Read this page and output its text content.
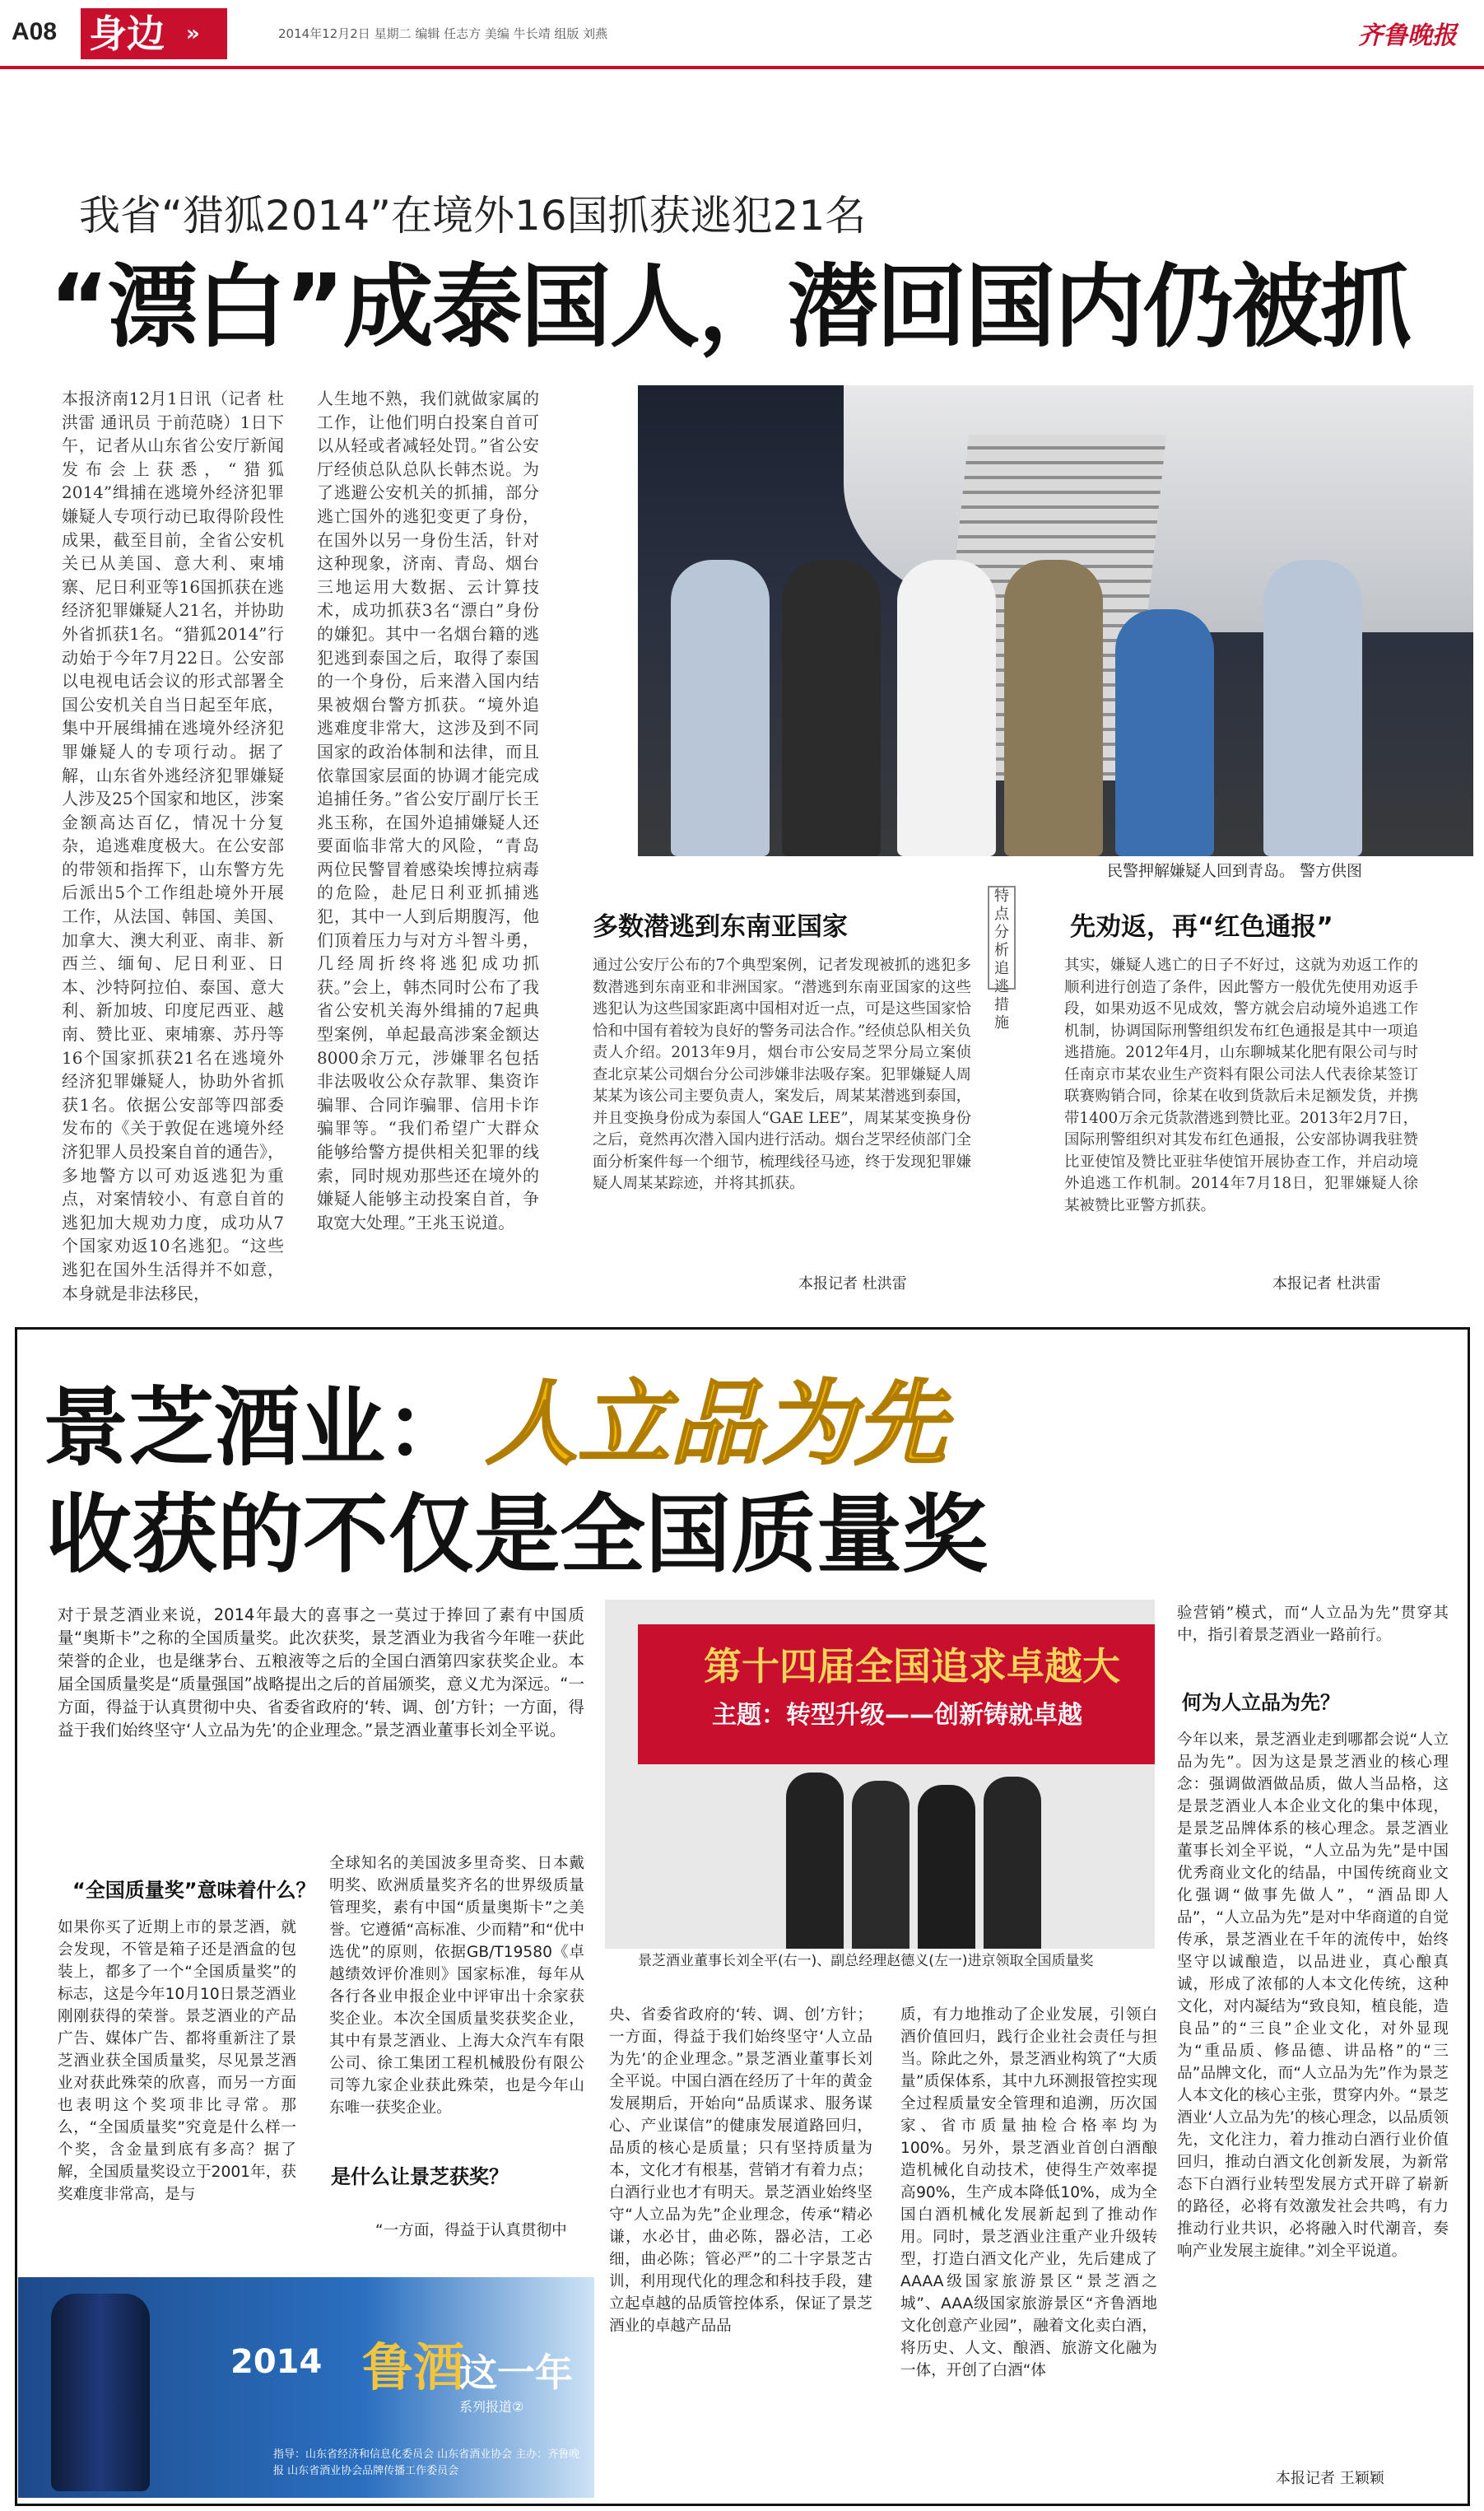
A08 身边	»	2014年12月2日 星期二 编辑 任志方 美编 牛长靖 组版 刘燕	齐鲁晚报
我省“猎狐2014”在境外16国抓获逃犯21名
“漂白”成泰国人，潜回国内仍被抓
本报济南12月1日讯（记者 杜洪雷 通讯员 于前范晓）1日下午，记者从山东省公安厅新闻发布会上获悉，“猎狐2014”缉捕在逃境外经济犯罪嫌疑人专项行动已取得阶段性成果，截至目前，全省公安机关已从美国、意大利、柬埔寨、尼日利亚等16国抓获在逃经济犯罪嫌疑人21名，并协助外省抓获1名。“猎狐2014”行动始于今年7月22日。公安部以电视电话会议的形式部署全国公安机关自当日起至年底，集中开展缉捕在逃境外经济犯罪嫌疑人的专项行动。据了解，山东省外逃经济犯罪嫌疑人涉及25个国家和地区，涉案金额高达百亿，情况十分复杂，追逃难度极大。在公安部的带领和指挥下，山东警方先后派出5个工作组赴境外开展工作，从法国、韩国、美国、加拿大、澳大利亚、南非、新西兰、缅甸、尼日利亚、日本、沙特阿拉伯、泰国、意大利、新加坡、印度尼西亚、越南、赞比亚、柬埔寨、苏丹等16个国家抓获21名在逃境外经济犯罪嫌疑人，协助外省抓获1名。依据公安部等四部委发布的《关于敦促在逃境外经济犯罪人员投案自首的通告》，多地警方以可劝返逃犯为重点，对案情较小、有意自首的逃犯加大规劝力度，成功从7个国家劝返10名逃犯。“这些逃犯在国外生活得并不如意，本身就是非法移民，
人生地不熟，我们就做家属的工作，让他们明白投案自首可以从轻或者减轻处罚。”省公安厅经侦总队总队长韩杰说。为了逃避公安机关的抓捕，部分逃亡国外的逃犯变更了身份，在国外以另一身份生活，针对这种现象，济南、青岛、烟台三地运用大数据、云计算技术，成功抓获3名“漂白”身份的嫌犯。其中一名烟台籍的逃犯逃到泰国之后，取得了泰国的一个身份，后来潜入国内结果被烟台警方抓获。“境外追逃难度非常大，这涉及到不同国家的政治体制和法律，而且依靠国家层面的协调才能完成追捕任务。”省公安厅副厅长王兆玉称，在国外追捕嫌疑人还要面临非常大的风险，“青岛两位民警冒着感染埃博拉病毒的危险，赴尼日利亚抓捕逃犯，其中一人到后期腹泻，他们顶着压力与对方斗智斗勇，几经周折终将逃犯成功抓获。”会上，韩杰同时公布了我省公安机关海外缉捕的7起典型案例，单起最高涉案金额达8000余万元，涉嫌罪名包括非法吸收公众存款罪、集资诈骗罪、合同诈骗罪、信用卡诈骗罪等。“我们希望广大群众能够给警方提供相关犯罪的线索，同时规劝那些还在境外的嫌疑人能够主动投案自首，争取宽大处理。”王兆玉说道。
民警押解嫌疑人回到青岛。 警方供图
多数潜逃到东南亚国家
特点分析 追逃措施
先劝返，再“红色通报”
通过公安厅公布的7个典型案例，记者发现被抓的逃犯多数潜逃到东南亚和非洲国家。“潜逃到东南亚国家的这些逃犯认为这些国家距离中国相对近一点，可是这些国家恰恰和中国有着较为良好的警务司法合作。”经侦总队相关负责人介绍。2013年9月，烟台市公安局芝罘分局立案侦查北京某公司烟台分公司涉嫌非法吸存案。犯罪嫌疑人周某某为该公司主要负责人，案发后，周某某潜逃到泰国，并且变换身份成为泰国人“GAE LEE”，周某某变换身份之后，竟然再次潜入国内进行活动。烟台芝罘经侦部门全面分析案件每一个细节，梳理线径马迹，终于发现犯罪嫌疑人周某某踪迹，并将其抓获。
本报记者 杜洪雷
其实，嫌疑人逃亡的日子不好过，这就为劝返工作的顺利进行创造了条件，因此警方一般优先使用劝返手段，如果劝返不见成效，警方就会启动境外追逃工作机制，协调国际刑警组织发布红色通报是其中一项追逃措施。2012年4月，山东聊城某化肥有限公司与时任南京市某农业生产资料有限公司法人代表徐某签订联赛购销合同，徐某在收到货款后未足额发货，并携带1400万余元货款潜逃到赞比亚。2013年2月7日，国际刑警组织对其发布红色通报，公安部协调我驻赞比亚使馆及赞比亚驻华使馆开展协查工作，并启动境外追逃工作机制。2014年7月18日，犯罪嫌疑人徐某被赞比亚警方抓获。
本报记者 杜洪雷
景芝酒业： 人立品为先
收获的不仅是全国质量奖
对于景芝酒业来说，2014年最大的喜事之一莫过于捧回了素有中国质量“奥斯卡”之称的全国质量奖。此次获奖，景芝酒业为我省今年唯一获此荣誉的企业，也是继茅台、五粮液等之后的全国白酒第四家获奖企业。本届全国质量奖是“质量强国”战略提出之后的首届颁奖，意义尤为深远。“一方面，得益于认真贯彻中央、省委省政府的‘转、调、创’方针；一方面，得益于我们始终坚守‘人立品为先’的企业理念。”景芝酒业董事长刘全平说。
“全国质量奖”意味着什么？
如果你买了近期上市的景芝酒，就会发现，不管是箱子还是酒盒的包装上，都多了一个“全国质量奖”的标志，这是今年10月10日景芝酒业刚刚获得的荣誉。景芝酒业的产品广告、媒体广告、都将重新注了景芝酒业获全国质量奖，尽见景芝酒业对获此殊荣的欣喜，而另一方面也表明这个奖项非比寻常。那么，“全国质量奖”究竟是什么样一个奖，含金量到底有多高？据了解，全国质量奖设立于2001年，获奖难度非常高，是与
全球知名的美国波多里奇奖、日本戴明奖、欧洲质量奖齐名的世界级质量管理奖，素有中国“质量奥斯卡”之美誉。它遵循“高标准、少而精”和“优中选优”的原则，依据GB/T19580《卓越绩效评价准则》国家标准，每年从各行各业申报企业中评审出十余家获奖企业。本次全国质量奖获奖企业，其中有景芝酒业、上海大众汽车有限公司、徐工集团工程机械股份有限公司等九家企业获此殊荣，也是今年山东唯一获奖企业。
是什么让景芝获奖？
“一方面，得益于认真贯彻中
第十四届全国追求卓越大
主题：转型升级——创新铸就卓越
景芝酒业董事长刘全平(右一)、副总经理赵德义(左一)进京领取全国质量奖
央、省委省政府的‘转、调、创’方针；一方面，得益于我们始终坚守‘人立品为先’的企业理念。”景芝酒业董事长刘全平说。中国白酒在经历了十年的黄金发展期后，开始向“品质谋求、服务谋心、产业谋信”的健康发展道路回归，品质的核心是质量；只有坚持质量为本，文化才有根基，营销才有着力点；白酒行业也才有明天。景芝酒业始终坚守“人立品为先”企业理念，传承“精必谦，水必甘，曲必陈，器必洁，工必细，曲必陈；管必严”的二十字景芝古训，利用现代化的理念和科技手段，建立起卓越的品质管控体系，保证了景芝酒业的卓越产品品
质，有力地推动了企业发展，引领白酒价值回归，践行企业社会责任与担当。除此之外，景芝酒业构筑了“大质量”质保体系，其中九环测报管控实现全过程质量安全管理和追溯，历次国家、省市质量抽检合格率均为100%。另外，景芝酒业首创白酒酿造机械化自动技术，使得生产效率提高90%，生产成本降低10%，成为全国白酒机械化发展新起到了推动作用。同时，景芝酒业注重产业升级转型，打造白酒文化产业，先后建成了AAAA级国家旅游景区“景芝酒之城”、AAA级国家旅游景区“齐鲁酒地文化创意产业园”，融着文化卖白酒，将历史、人文、酿酒、旅游文化融为一体，开创了白酒“体
验营销”模式，而“人立品为先”贯穿其中，指引着景芝酒业一路前行。
何为人立品为先？
今年以来，景芝酒业走到哪都会说“人立品为先”。因为这是景芝酒业的核心理念：强调做酒做品质，做人当品格，这是景芝酒业人本企业文化的集中体现，是景芝品牌体系的核心理念。景芝酒业董事长刘全平说，“人立品为先”是中国优秀商业文化的结晶，中国传统商业文化强调“做事先做人”，“酒品即人品”，“人立品为先”是对中华商道的自觉传承，景芝酒业在千年的流传中，始终坚守以诚酿造，以品进业，真心酿真诚，形成了浓郁的人本文化传统，这种文化，对内凝结为“致良知，植良能，造良品”的“三良”企业文化，对外显现为“重品质、修品德、讲品格”的“三品”品牌文化，而“人立品为先”作为景芝人本文化的核心主张，贯穿内外。“景芝酒业‘人立品为先’的核心理念，以品质领先，文化注力，着力推动白酒行业价值回归，推动白酒文化创新发展，为新常态下白酒行业转型发展方式开辟了崭新的路径，必将有效激发社会共鸣，有力推动行业共识，必将融入时代潮音，奏响产业发展主旋律。”刘全平说道。
本报记者 王颖颖
2014 鲁酒
这一年
系列报道②
指导：山东省经济和信息化委员会 山东省酒业协会 主办：齐鲁晚报 山东省酒业协会品牌传播工作委员会
